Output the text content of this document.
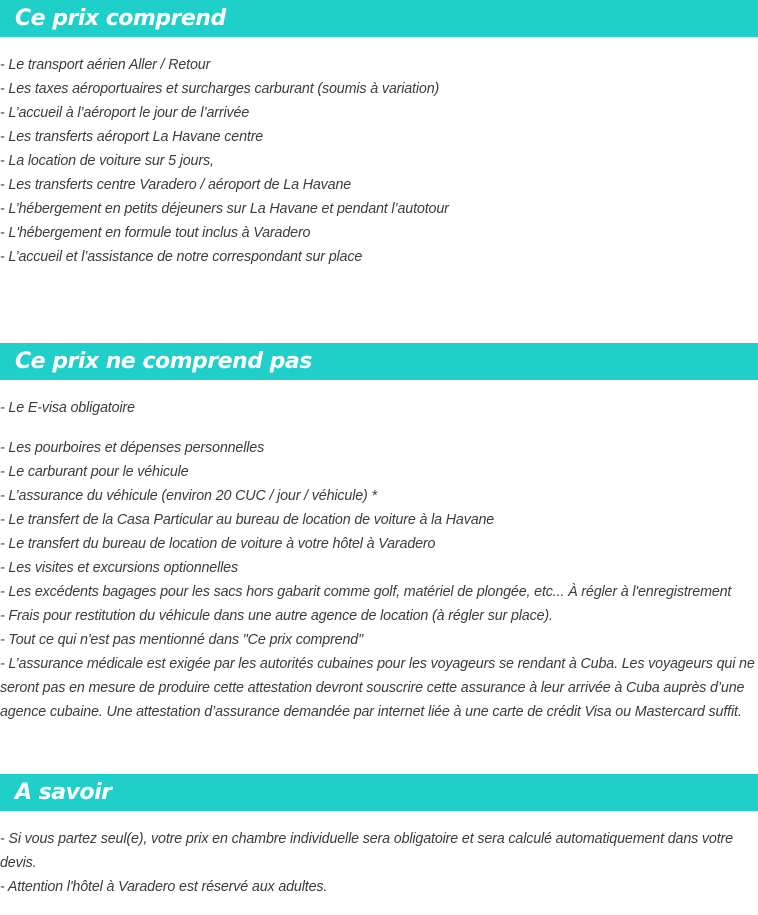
Ce prix comprend
- Le transport aérien Aller / Retour
- Les taxes aéroportuaires et surcharges carburant (soumis à variation)
- L’accueil à l’aéroport le jour de l’arrivée
- Les transferts aéroport La Havane centre
- La location de voiture sur 5 jours,
- Les transferts centre Varadero / aéroport de La Havane
- L’hébergement en petits déjeuners sur La Havane et pendant l’autotour
- L'hébergement en formule tout inclus à Varadero
- L’accueil et l’assistance de notre correspondant sur place
Ce prix ne comprend pas
- Le E-visa obligatoire
- Les pourboires et dépenses personnelles
- Le carburant pour le véhicule
- L’assurance du véhicule (environ 20 CUC / jour / véhicule) *
- Le transfert de la Casa Particular au bureau de location de voiture à la Havane
- Le transfert du bureau de location de voiture à votre hôtel à Varadero
- Les visites et excursions optionnelles
- Les excédents bagages pour les sacs hors gabarit comme golf, matériel de plongée, etc... À régler à l'enregistrement
- Frais pour restitution du véhicule dans une autre agence de location (à régler sur place).
- Tout ce qui n'est pas mentionné dans "Ce prix comprend"
- L’assurance médicale est exigée par les autorités cubaines pour les voyageurs se rendant à Cuba. Les voyageurs qui ne seront pas en mesure de produire cette attestation devront souscrire cette assurance à leur arrivée à Cuba auprès d’une agence cubaine. Une attestation d’assurance demandée par internet liée à une carte de crédit Visa ou Mastercard suffit.
A savoir
- Si vous partez seul(e), votre prix en chambre individuelle sera obligatoire et sera calculé automatiquement dans votre devis.
- Attention l'hôtel à Varadero est réservé aux adultes.
